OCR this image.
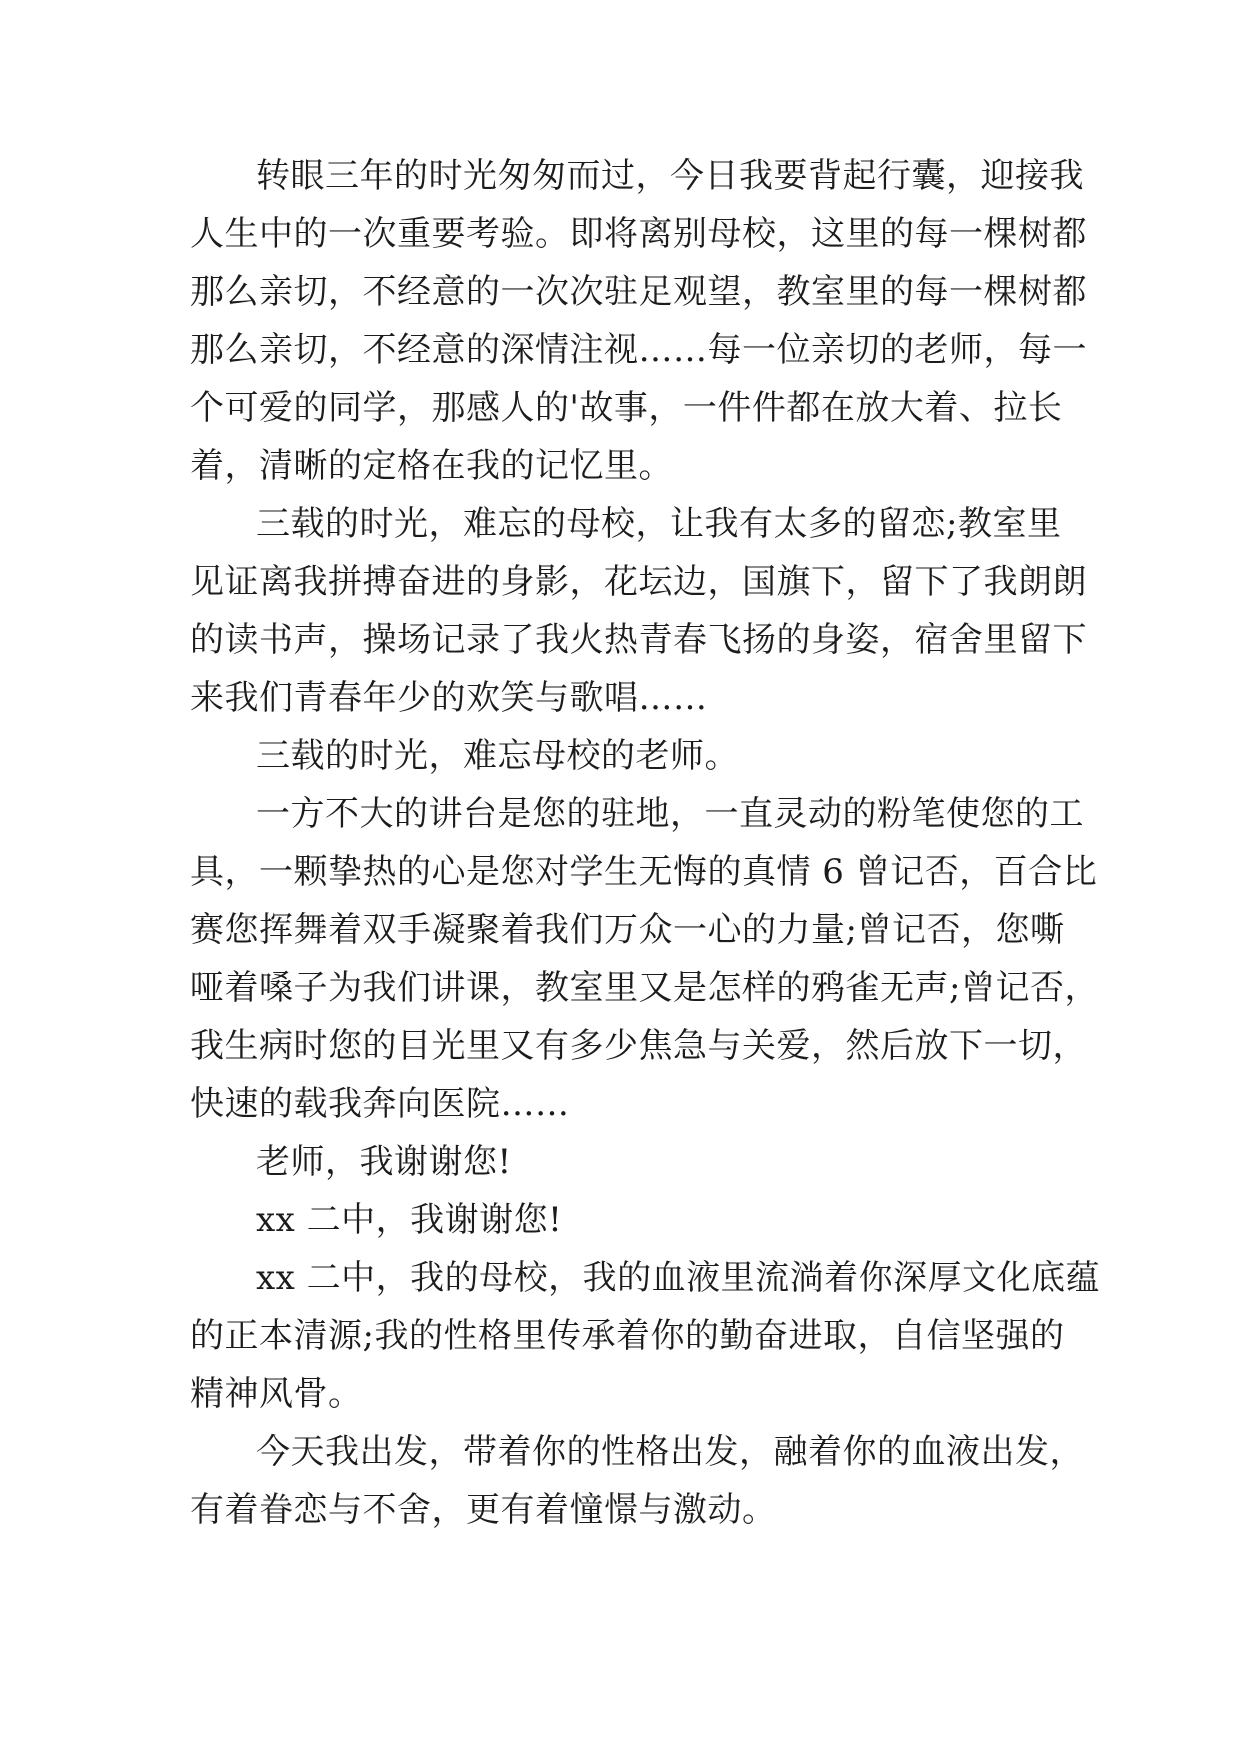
转眼三年的时光匆匆而过，今日我要背起行囊，迎接我
人生中的一次重要考验。即将离别母校，这里的每一棵树都
那么亲切，不经意的一次次驻足观望，教室里的每一棵树都
那么亲切，不经意的深情注视……每一位亲切的老师，每一
个可爱的同学，那感人的'故事，一件件都在放大着、拉长
着，清晰的定格在我的记忆里。
三载的时光，难忘的母校，让我有太多的留恋;教室里
见证离我拼搏奋进的身影，花坛边，国旗下，留下了我朗朗
的读书声，操场记录了我火热青春飞扬的身姿，宿舍里留下
来我们青春年少的欢笑与歌唱……
三载的时光，难忘母校的老师。
一方不大的讲台是您的驻地，一直灵动的粉笔使您的工
具，一颗挚热的心是您对学生无悔的真情 6 曾记否，百合比
赛您挥舞着双手凝聚着我们万众一心的力量;曾记否，您嘶
哑着嗓子为我们讲课，教室里又是怎样的鸦雀无声;曾记否，
我生病时您的目光里又有多少焦急与关爱，然后放下一切，
快速的载我奔向医院……
老师，我谢谢您!
xx 二中，我谢谢您!
xx 二中，我的母校，我的血液里流淌着你深厚文化底蕴
的正本清源;我的性格里传承着你的勤奋进取，自信坚强的
精神风骨。
今天我出发，带着你的性格出发，融着你的血液出发，
有着眷恋与不舍，更有着憧憬与激动。
